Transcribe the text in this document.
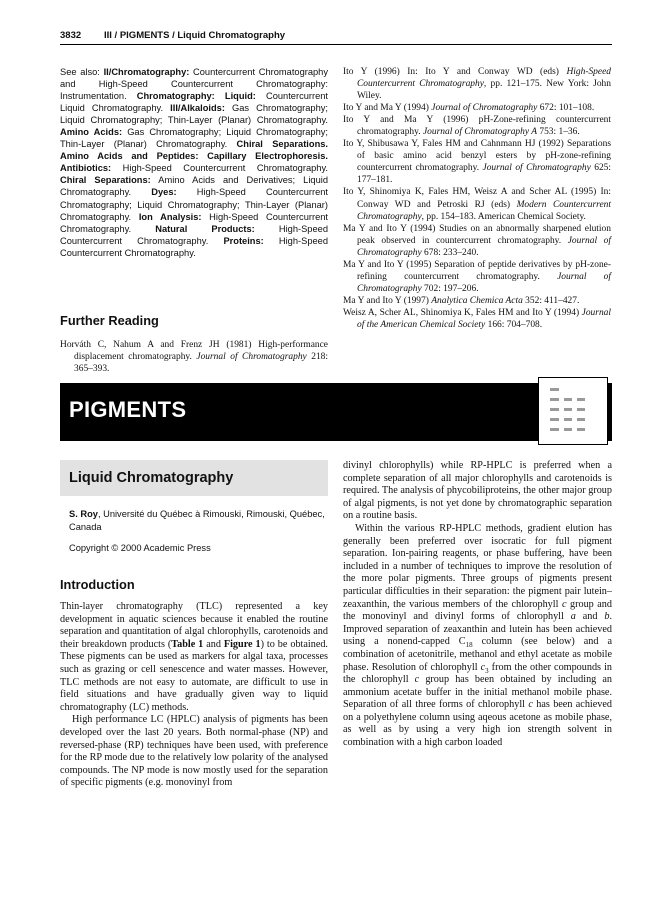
3832 III / PIGMENTS / Liquid Chromatography
See also: II/Chromatography: Countercurrent Chromatography and High-Speed Countercurrent Chromatography: Instrumentation. Chromatography: Liquid: Countercurrent Liquid Chromatography. III/Alkaloids: Gas Chromatography; Liquid Chromatography; Thin-Layer (Planar) Chromatography. Amino Acids: Gas Chromatography; Liquid Chromatography; Thin-Layer (Planar) Chromatography. Chiral Separations. Amino Acids and Peptides: Capillary Electrophoresis. Antibiotics: High-Speed Countercurrent Chromatography. Chiral Separations: Amino Acids and Derivatives; Liquid Chromatography. Dyes: High-Speed Countercurrent Chromatography; Liquid Chromatography; Thin-Layer (Planar) Chromatography. Ion Analysis: High-Speed Countercurrent Chromatography. Natural Products: High-Speed Countercurrent Chromatography. Proteins: High-Speed Countercurrent Chromatography.
Further Reading

Horváth C, Nahum A and Frenz JH (1981) High-performance displacement chromatography. Journal of Chromatography 218: 365–393.

Ito Y (1996) In: Ito Y and Conway WD (eds) High-Speed Countercurrent Chromatography, pp. 121–175. New York: John Wiley.

Ito Y and Ma Y (1994) Journal of Chromatography 672: 101–108.

Ito Y and Ma Y (1996) pH-Zone-refining countercurrent chromatography. Journal of Chromatography A 753: 1–36.

Ito Y, Shibusawa Y, Fales HM and Cahnmann HJ (1992) Separations of basic amino acid benzyl esters by pH-zone-refining countercurrent chromatography. Journal of Chromatography 625: 177–181.

Ito Y, Shinomiya K, Fales HM, Weisz A and Scher AL (1995) In: Conway WD and Petroski RJ (eds) Modern Countercurrent Chromatography, pp. 154–183. American Chemical Society.

Ma Y and Ito Y (1994) Studies on an abnormally sharpened elution peak observed in countercurrent chromatography. Journal of Chromatography 678: 233–240.

Ma Y and Ito Y (1995) Separation of peptide derivatives by pH-zone-refining countercurrent chromatography. Journal of Chromatography 702: 197–206.

Ma Y and Ito Y (1997) Analytica Chemica Acta 352: 411–427.

Weisz A, Scher AL, Shinomiya K, Fales HM and Ito Y (1994) Journal of the American Chemical Society 166: 704–708.

PIGMENTS
Liquid Chromatography
S. Roy, Université du Québec à Rimouski, Rimouski, Québec, Canada
Copyright © 2000 Academic Press
Introduction

Thin-layer chromatography (TLC) represented a key development in aquatic sciences because it enabled the routine separation and quantitation of algal chlorophylls, carotenoids and their breakdown products (Table 1 and Figure 1) to be obtained. These pigments can be used as markers for algal taxa, processes such as grazing or cell senescence and water masses. However, TLC methods are not easy to automate, are difficult to use in field situations and have gradually given way to liquid chromatography (LC) methods.

High performance LC (HPLC) analysis of pigments has been developed over the last 20 years. Both normal-phase (NP) and reversed-phase (RP) techniques have been used, with preference for the RP mode due to the relatively low polarity of the analysed compounds. The NP mode is now mostly used for the separation of specific pigments (e.g. monovinyl from

divinyl chlorophylls) while RP-HPLC is preferred when a complete separation of all major chlorophylls and carotenoids is required. The analysis of phycobiliproteins, the other major group of algal pigments, is not yet done by chromatographic separation on a routine basis.

Within the various RP-HPLC methods, gradient elution has generally been preferred over isocratic for full pigment separation. Ion-pairing reagents, or phase buffering, have been included in a number of techniques to improve the resolution of the more polar pigments. Three groups of pigments present particular difficulties in their separation: the pigment pair lutein–zeaxanthin, the various members of the chlorophyll c group and the monovinyl and divinyl forms of chlorophyll a and b. Improved separation of zeaxanthin and lutein has been achieved using a nonend-capped $C_{18}$ column (see below) and a combination of acetonitrile, methanol and ethyl acetate as mobile phase. Resolution of chlorophyll $c_3$ from the other compounds in the chlorophyll c group has been obtained by including an ammonium acetate buffer in the initial methanol mobile phase. Separation of all three forms of chlorophyll c has been achieved on a polyethylene column using aqeous acetone as mobile phase, as well as by using a very high ion strength solvent in combination with a high carbon loaded
